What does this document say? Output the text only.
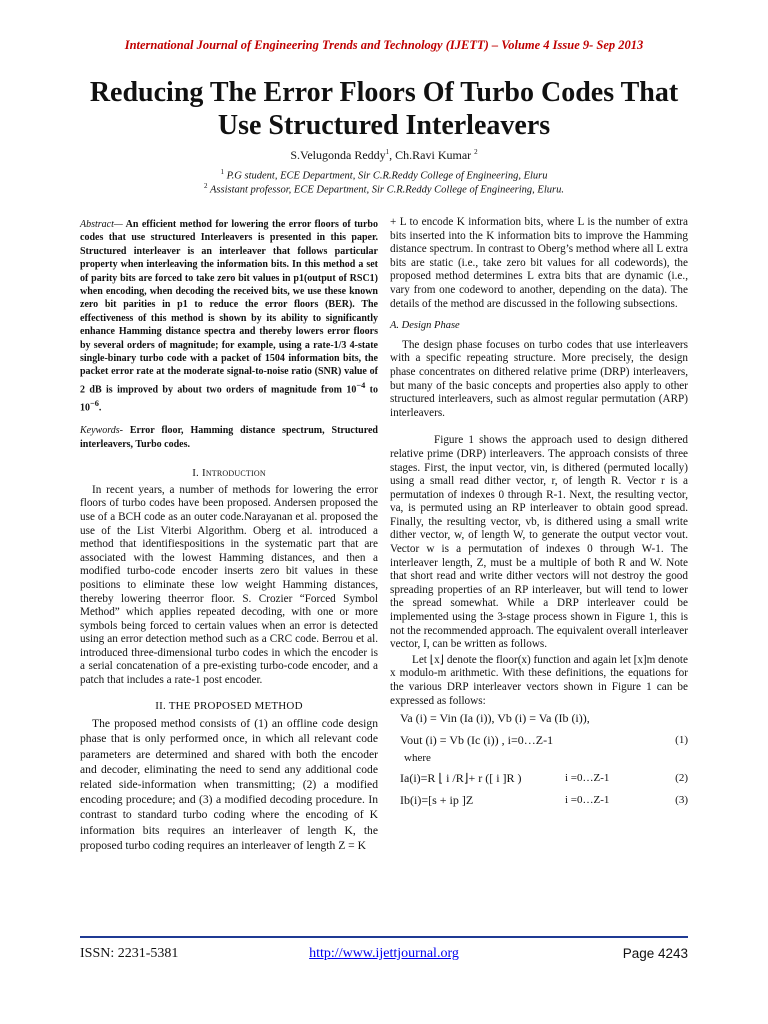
International Journal of Engineering Trends and Technology (IJETT) – Volume 4 Issue 9- Sep 2013
Reducing The Error Floors Of Turbo Codes That
Use Structured Interleavers
S.Velugonda Reddy$^1$, Ch.Ravi Kumar $^2$
$^1$ P.G student, ECE Department, Sir C.R.Reddy College of Engineering, Eluru
$^2$ Assistant professor, ECE Department, Sir C.R.Reddy College of Engineering, Eluru.

Abstract— An efficient method for lowering the error floors of turbo codes that use structured Interleavers is presented in this paper. Structured interleaver is an interleaver that follows particular property when interleaving the information bits. In this method a set of parity bits are forced to take zero bit values in p1(output of RSC1) when encoding, when decoding the received bits, we use these known zero bit parities in p1 to reduce the error floors (BER). The effectiveness of this method is shown by its ability to significantly enhance Hamming distance spectra and thereby lowers error floors by several orders of magnitude; for example, using a rate-1/3 4-state single-binary turbo code with a packet of 1504 information bits, the packet error rate at the moderate signal-to-noise ratio (SNR) value of 2 dB is improved by about two orders of magnitude from $10^{-4}$ to $10^{-6}$.

Keywords- Error floor, Hamming distance spectrum, Structured interleavers, Turbo codes.

I. Introduction

In recent years, a number of methods for lowering the error floors of turbo codes have been proposed. Andersen proposed the use of a BCH code as an outer code.Narayanan et al. proposed the use of the List Viterbi Algorithm. Oberg et al. introduced a method that identifiespositions in the systematic part that are associated with the lowest Hamming distances, and then a modified turbo-code encoder inserts zero bit values in these positions to eliminate these low weight Hamming distances, thereby lowering theerror floor. S. Crozier “Forced Symbol Method” which applies repeated decoding, with one or more symbols being forced to certain values when an error is detected using an error detection method such as a CRC code. Berrou et al. introduced three-dimensional turbo codes in which the encoder is a serial concatenation of a pre-existing turbo-code encoder, and a patch that includes a rate-1 post encoder.

II. THE PROPOSED METHOD

The proposed method consists of (1) an offline code design phase that is only performed once, in which all relevant code parameters are determined and shared with both the encoder and decoder, eliminating the need to send any additional code related side-information when transmitting; (2) a modified encoding procedure; and (3) a modified decoding procedure. In contrast to standard turbo coding where the encoding of K information bits requires an interleaver of length K, the proposed turbo coding requires an interleaver of length Z = K

+ L to encode K information bits, where L is the number of extra bits inserted into the K information bits to improve the Hamming distance spectrum. In contrast to Oberg’s method where all L extra bits are static (i.e., take zero bit values for all codewords), the proposed method determines L extra bits that are dynamic (i.e., vary from one codeword to another, depending on the data). The details of the method are discussed in the following subsections.

A. Design Phase

The design phase focuses on turbo codes that use interleavers with a specific repeating structure. More precisely, the design phase concentrates on dithered relative prime (DRP) interleavers, but many of the basic concepts and properties also apply to other structured interleavers, such as almost regular permutation (ARP) interleavers.

Figure 1 shows the approach used to design dithered relative prime (DRP) interleavers. The approach consists of three stages. First, the input vector, vin, is dithered (permuted locally) using a small read dither vector, r, of length R. Vector r is a permutation of indexes 0 through R-1. Next, the resulting vector, va, is permuted using an RP interleaver to obtain good spread. Finally, the resulting vector, vb, is dithered using a small write dither vector, w, of length W, to generate the output vector vout. Vector w is a permutation of indexes 0 through W-1. The interleaver length, Z, must be a multiple of both R and W. Note that short read and write dither vectors will not destroy the good spreading properties of an RP interleaver, but will tend to lower the spread somewhat. While a DRP interleaver could be implemented using the 3-stage process shown in Figure 1, this is not the recommended approach. The equivalent overall interleaver vector, I, can be written as follows.

Let ⌊x⌋ denote the floor(x) function and again let [x]m denote x modulo-m arithmetic. With these definitions, the equations for the various DRP interleaver vectors shown in Figure 1 can be expressed as follows:

Va (i) = Vin (Ia (i)), Vb (i) = Va (Ib (i)),
Vout (i) = Vb (Ic (i)) , i=0…Z-1	(1)
where
Ia(i)=R ⌊ i /R⌋+ r ([ i ]R )	i =0…Z-1	(2)
Ib(i)=[s + ip ]Z	i =0…Z-1	(3)
ISSN: 2231-5381	http://www.ijettjournal.org	Page 4243
